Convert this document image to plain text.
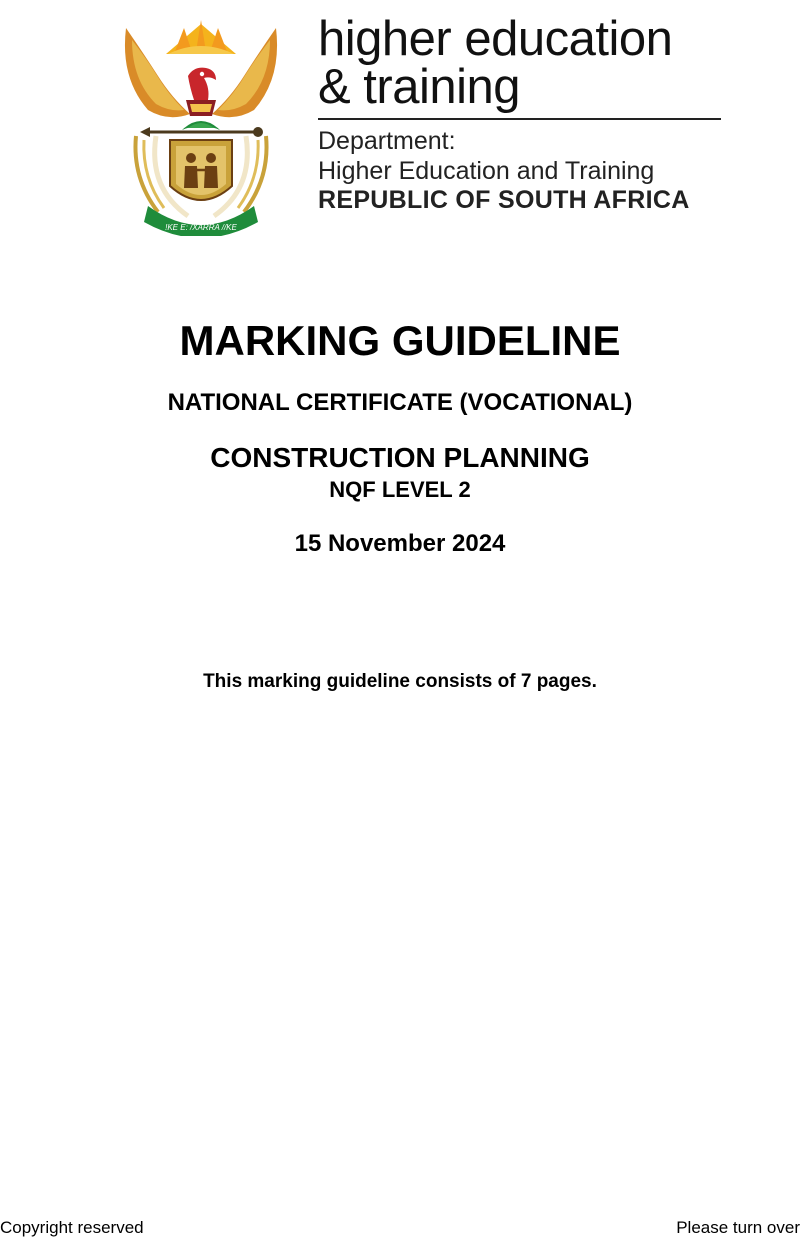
!KE E: /XARRA //KE
higher education
& training
Department:
Higher Education and Training
REPUBLIC OF SOUTH AFRICA
MARKING GUIDELINE
NATIONAL CERTIFICATE (VOCATIONAL)
CONSTRUCTION PLANNING
NQF LEVEL 2
15 November 2024
This marking guideline consists of 7 pages.
Copyright reserved	Please turn over
